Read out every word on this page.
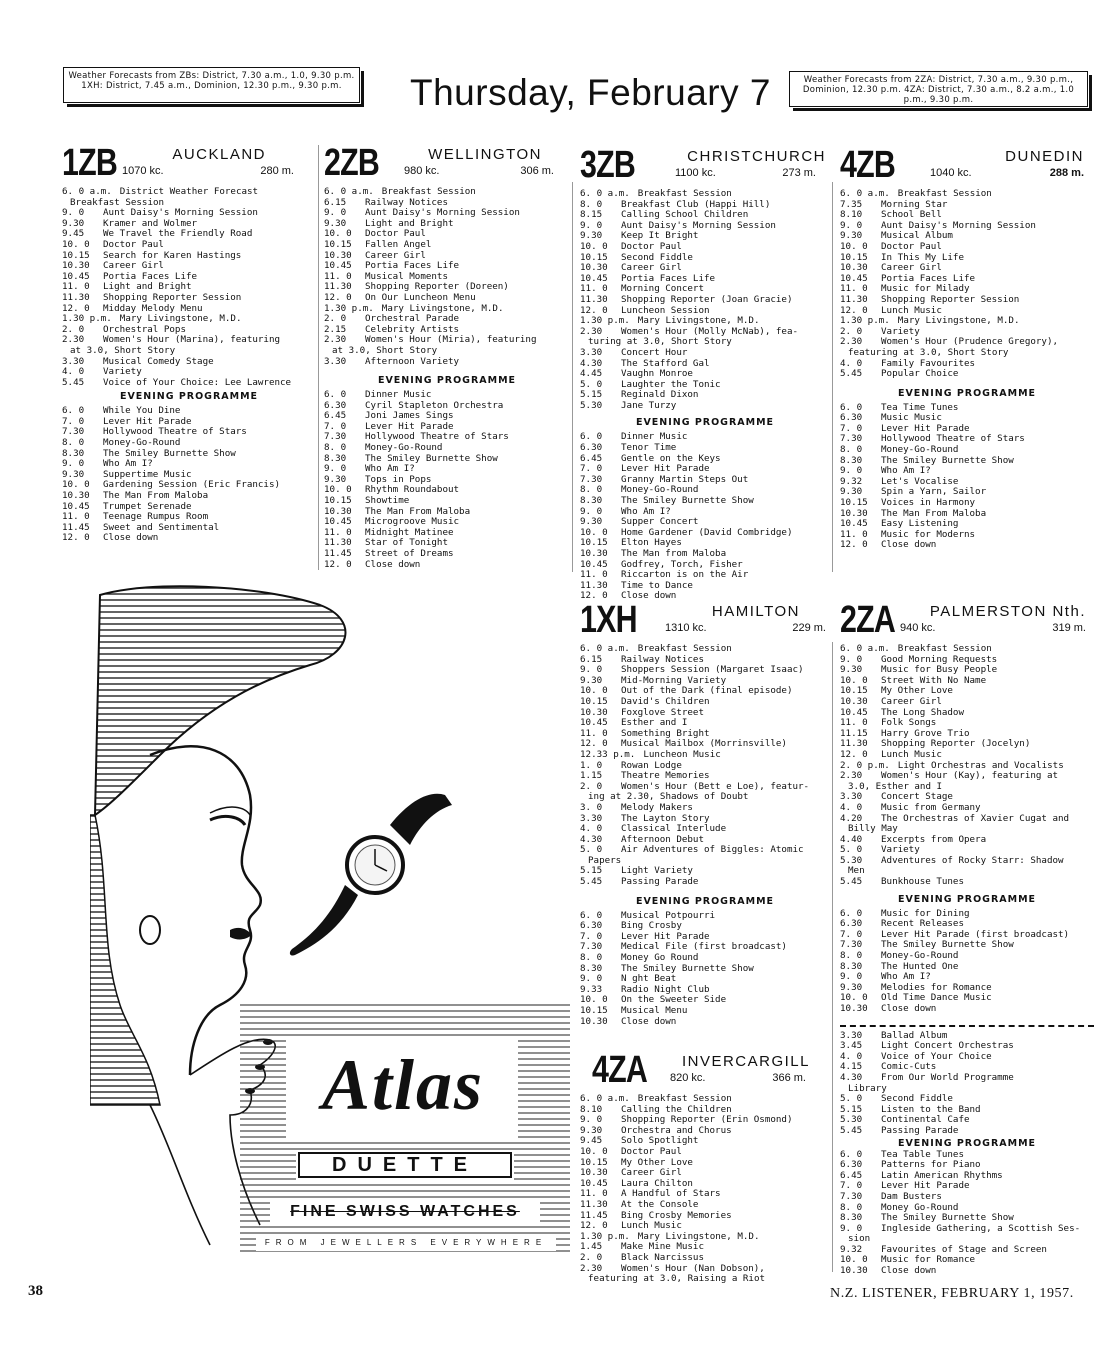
Weather Forecasts from ZBs: District, 7.30 a.m., 1.0, 9.30 p.m. 1XH: District, 7.45 a.m., Dominion, 12.30 p.m., 9.30 p.m.	Thursday, February 7	Weather Forecasts from 2ZA: District, 7.30 a.m., 9.30 p.m., Dominion, 12.30 p.m. 4ZA: District, 7.30 a.m., 8.2 a.m., 1.0 p.m., 9.30 p.m.
1ZB	AUCKLAND
1070 kc.	280 m.
6. 0 a.m. District Weather Forecast
Breakfast Session
9. 0	Aunt Daisy's Morning Session
9.30	Kramer and Wolmer
9.45	We Travel the Friendly Road
10. 0	Doctor Paul
10.15	Search for Karen Hastings
10.30	Career Girl
10.45	Portia Faces Life
11. 0	Light and Bright
11.30	Shopping Reporter Session
12. 0	Midday Melody Menu
1.30 p.m. Mary Livingstone, M.D.
2. 0	Orchestral Pops
2.30	Women's Hour (Marina), featuring
at 3.0, Short Story
3.30	Musical Comedy Stage
4. 0	Variety
5.45	Voice of Your Choice: Lee Lawrence
EVENING PROGRAMME
6. 0	While You Dine
7. 0	Lever Hit Parade
7.30	Hollywood Theatre of Stars
8. 0	Money-Go-Round
8.30	The Smiley Burnette Show
9. 0	Who Am I?
9.30	Suppertime Music
10. 0	Gardening Session (Eric Francis)
10.30	The Man From Maloba
10.45	Trumpet Serenade
11. 0	Teenage Rumpus Room
11.45	Sweet and Sentimental
12. 0	Close down
2ZB	WELLINGTON
980 kc.	306 m.
6. 0 a.m. Breakfast Session
6.15	Railway Notices
9. 0	Aunt Daisy's Morning Session
9.30	Light and Bright
10. 0	Doctor Paul
10.15	Fallen Angel
10.30	Career Girl
10.45	Portia Faces Life
11. 0	Musical Moments
11.30	Shopping Reporter (Doreen)
12. 0	On Our Luncheon Menu
1.30 p.m. Mary Livingstone, M.D.
2. 0	Orchestral Parade
2.15	Celebrity Artists
2.30	Women's Hour (Miria), featuring
at 3.0, Short Story
3.30	Afternoon Variety
EVENING PROGRAMME
6. 0	Dinner Music
6.30	Cyril Stapleton Orchestra
6.45	Joni James Sings
7. 0	Lever Hit Parade
7.30	Hollywood Theatre of Stars
8. 0	Money-Go-Round
8.30	The Smiley Burnette Show
9. 0	Who Am I?
9.30	Tops in Pops
10. 0	Rhythm Roundabout
10.15	Showtime
10.30	The Man From Maloba
10.45	Microgroove Music
11. 0	Midnight Matinee
11.30	Star of Tonight
11.45	Street of Dreams
12. 0	Close down
3ZB	CHRISTCHURCH
1100 kc.	273 m.
6. 0 a.m. Breakfast Session
8. 0	Breakfast Club (Happi Hill)
8.15	Calling School Children
9. 0	Aunt Daisy's Morning Session
9.30	Keep It Bright
10. 0	Doctor Paul
10.15	Second Fiddle
10.30	Career Girl
10.45	Portia Faces Life
11. 0	Morning Concert
11.30	Shopping Reporter (Joan Gracie)
12. 0	Luncheon Session
1.30 p.m. Mary Livingstone, M.D.
2.30	Women's Hour (Molly McNab), fea-
turing at 3.0, Short Story
3.30	Concert Hour
4.30	The Stafford Gal
4.45	Vaughn Monroe
5. 0	Laughter the Tonic
5.15	Reginald Dixon
5.30	Jane Turzy
EVENING PROGRAMME
6. 0	Dinner Music
6.30	Tenor Time
6.45	Gentle on the Keys
7. 0	Lever Hit Parade
7.30	Granny Martin Steps Out
8. 0	Money-Go-Round
8.30	The Smiley Burnette Show
9. 0	Who Am I?
9.30	Supper Concert
10. 0	Home Gardener (David Combridge)
10.15	Elton Hayes
10.30	The Man from Maloba
10.45	Godfrey, Torch, Fisher
11. 0	Riccarton is on the Air
11.30	Time to Dance
12. 0	Close down
4ZB	DUNEDIN
1040 kc.	288 m.
6. 0 a.m. Breakfast Session
7.35	Morning Star
8.10	School Bell
9. 0	Aunt Daisy's Morning Session
9.30	Musical Album
10. 0	Doctor Paul
10.15	In This My Life
10.30	Career Girl
10.45	Portia Faces Life
11. 0	Music for Milady
11.30	Shopping Reporter Session
12. 0	Lunch Music
1.30 p.m. Mary Livingstone, M.D.
2. 0	Variety
2.30	Women's Hour (Prudence Gregory),
featuring at 3.0, Short Story
4. 0	Family Favourites
5.45	Popular Choice
EVENING PROGRAMME
6. 0	Tea Time Tunes
6.30	Music Music
7. 0	Lever Hit Parade
7.30	Hollywood Theatre of Stars
8. 0	Money-Go-Round
8.30	The Smiley Burnette Show
9. 0	Who Am I?
9.32	Let's Vocalise
9.30	Spin a Yarn, Sailor
10.15	Voices in Harmony
10.30	The Man From Maloba
10.45	Easy Listening
11. 0	Music for Moderns
12. 0	Close down
1XH	HAMILTON
1310 kc.	229 m.
6. 0 a.m. Breakfast Session
6.15	Railway Notices
9. 0	Shoppers Session (Margaret Isaac)
9.30	Mid-Morning Variety
10. 0	Out of the Dark (final episode)
10.15	David's Children
10.30	Foxglove Street
10.45	Esther and I
11. 0	Something Bright
12. 0	Musical Mailbox (Morrinsville)
12.33 p.m. Luncheon Music
1. 0	Rowan Lodge
1.15	Theatre Memories
2. 0	Women's Hour (Bett e Loe), featur-
ing at 2.30, Shadows of Doubt
3. 0	Melody Makers
3.30	The Layton Story
4. 0	Classical Interlude
4.30	Afternoon Debut
5. 0	Air Adventures of Biggles: Atomic
Papers
5.15	Light Variety
5.45	Passing Parade
EVENING PROGRAMME
6. 0	Musical Potpourri
6.30	Bing Crosby
7. 0	Lever Hit Parade
7.30	Medical File (first broadcast)
8. 0	Money Go Round
8.30	The Smiley Burnette Show
9. 0	N ght Beat
9.33	Radio Night Club
10. 0	On the Sweeter Side
10.15	Musical Menu
10.30	Close down
2ZA PALMERSTON Nth.
940 kc.	319 m.
6. 0 a.m. Breakfast Session
9. 0	Good Morning Requests
9.30	Music for Busy People
10. 0	Street With No Name
10.15	My Other Love
10.30	Career Girl
10.45	The Long Shadow
11. 0	Folk Songs
11.15	Harry Grove Trio
11.30	Shopping Reporter (Jocelyn)
12. 0	Lunch Music
2. 0 p.m. Light Orchestras and Vocalists
2.30	Women's Hour (Kay), featuring at
3.0, Esther and I
3.30	Concert Stage
4. 0	Music from Germany
4.20	The Orchestras of Xavier Cugat and
Billy May
4.40	Excerpts from Opera
5. 0	Variety
5.30	Adventures of Rocky Starr: Shadow
Men
5.45	Bunkhouse Tunes
EVENING PROGRAMME
6. 0	Music for Dining
6.30	Recent Releases
7. 0	Lever Hit Parade (first broadcast)
7.30	The Smiley Burnette Show
8. 0	Money-Go-Round
8.30	The Hunted One
9. 0	Who Am I?
9.30	Melodies for Romance
10. 0	Old Time Dance Music
10.30	Close down
3.30	Ballad Album
3.45	Light Concert Orchestras
4. 0	Voice of Your Choice
4.15	Comic-Cuts
4.30	From Our World Programme
Library
5. 0	Second Fiddle
5.15	Listen to the Band
5.30	Continental Cafe
5.45	Passing Parade
EVENING PROGRAMME
6. 0	Tea Table Tunes
6.30	Patterns for Piano
6.45	Latin American Rhythms
7. 0	Lever Hit Parade
7.30	Dam Busters
8. 0	Money Go-Round
8.30	The Smiley Burnette Show
9. 0	Ingleside Gathering, a Scottish Ses-
sion
9.32	Favourites of Stage and Screen
10. 0	Music for Romance
10.30	Close down
4ZA INVERCARGILL
820 kc.	366 m.
6. 0 a.m. Breakfast Session
8.10	Calling the Children
9. 0	Shopping Reporter (Erin Osmond)
9.30	Orchestra and Chorus
9.45	Solo Spotlight
10. 0	Doctor Paul
10.15	My Other Love
10.30	Career Girl
10.45	Laura Chilton
11. 0	A Handful of Stars
11.30	At the Console
11.45	Bing Crosby Memories
12. 0	Lunch Music
1.30 p.m. Mary Livingstone, M.D.
1.45	Make Mine Music
2. 0	Black Narcissus
2.30	Women's Hour (Nan Dobson),
featuring at 3.0, Raising a Riot
Atlas
DUETTE
FINE SWISS WATCHES
FROM JEWELLERS EVERYWHERE
38	N.Z. LISTENER, FEBRUARY 1, 1957.
